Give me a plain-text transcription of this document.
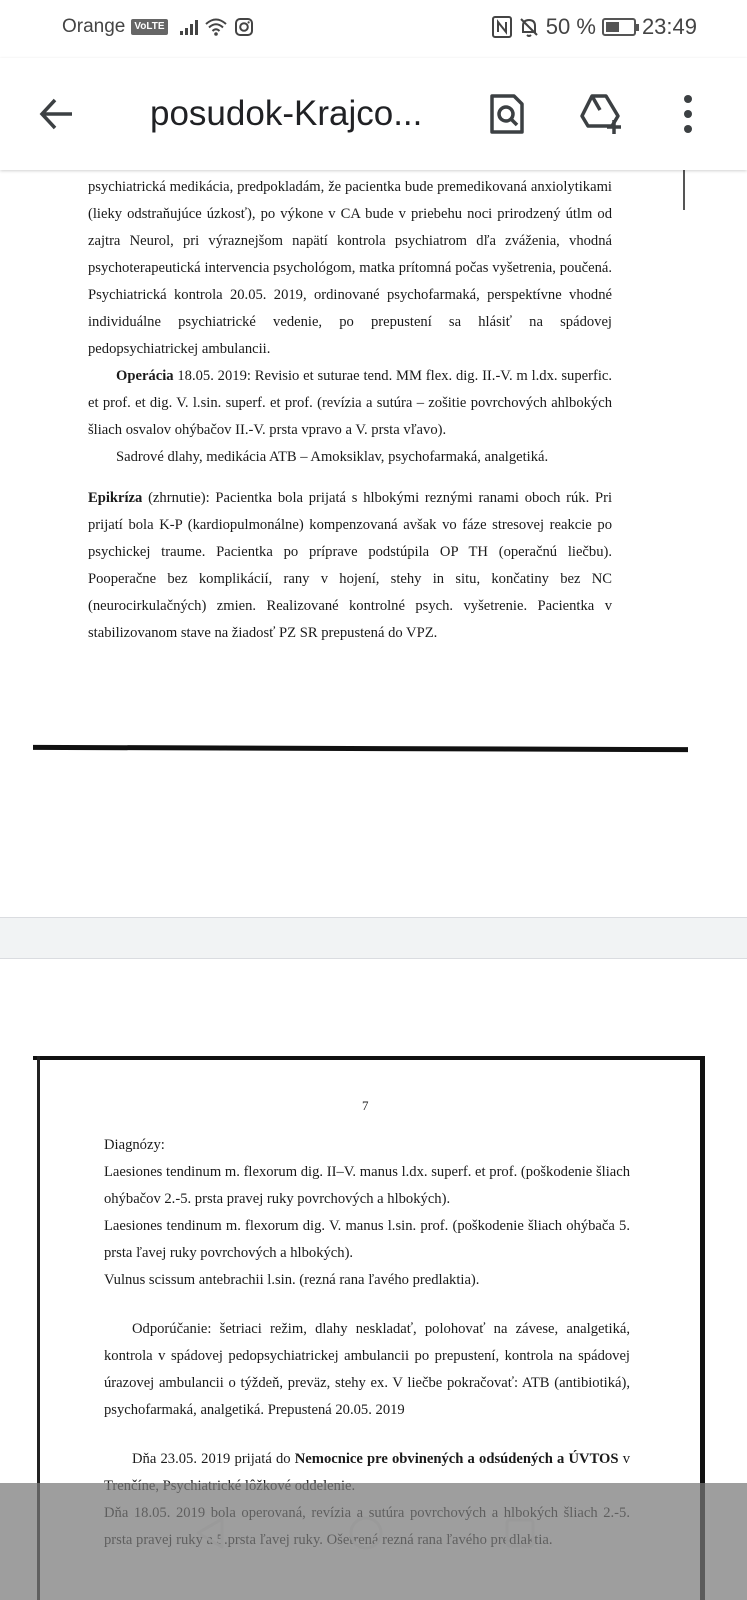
Orange VoLTE	50 % 23:49
posudok-Krajco...

psychiatrická medikácia, predpokladám, že pacientka bude premedikovaná anxiolytikami (lieky odstraňujúce úzkosť), po výkone v CA bude v priebehu noci prirodzený útlm od zajtra Neurol, pri výraznejšom napätí kontrola psychiatrom dľa zváženia, vhodná psychoterapeutická intervencia psychológom, matka prítomná počas vyšetrenia, poučená. Psychiatrická kontrola 20.05. 2019, ordinované psychofarmaká, perspektívne vhodné individuálne psychiatrické vedenie, po prepustení sa hlásiť na spádovej pedopsychiatrickej ambulancii.

Operácia 18.05. 2019: Revisio et suturae tend. MM flex. dig. II.-V. m l.dx. superfic. et prof. et dig. V. l.sin. superf. et prof. (revízia a sutúra – zošitie povrchových ahlbokých šliach osvalov ohýbačov II.-V. prsta vpravo a V. prsta vľavo).

Sadrové dlahy, medikácia ATB – Amoksiklav, psychofarmaká, analgetiká.

Epikríza (zhrnutie): Pacientka bola prijatá s hlbokými reznými ranami oboch rúk. Pri prijatí bola K-P (kardiopulmonálne) kompenzovaná avšak vo fáze stresovej reakcie po psychickej traume. Pacientka po príprave podstúpila OP TH (operačnú liečbu). Pooperačne bez komplikácií, rany v hojení, stehy in situ, končatiny bez NC (neurocirkulačných) zmien. Realizované kontrolné psych. vyšetrenie. Pacientka v stabilizovanom stave na žiadosť PZ SR prepustená do VPZ.

7

Diagnózy:

Laesiones tendinum m. flexorum dig. II–V. manus l.dx. superf. et prof. (poškodenie šliach ohýbačov 2.-5. prsta pravej ruky povrchových a hlbokých).

Laesiones tendinum m. flexorum dig. V. manus l.sin. prof. (poškodenie šliach ohýbača 5. prsta ľavej ruky povrchových a hlbokých).

Vulnus scissum antebrachii l.sin. (rezná rana ľavého predlaktia).

Odporúčanie: šetriaci režim, dlahy neskladať, polohovať na závese, analgetiká, kontrola v spádovej pedopsychiatrickej ambulancii po prepustení, kontrola na spádovej úrazovej ambulancii o týždeň, preväz, stehy ex. V liečbe pokračovať: ATB (antibiotiká), psychofarmaká, analgetiká. Prepustená 20.05. 2019

Dňa 23.05. 2019 prijatá do Nemocnice pre obvinených a odsúdených a ÚVTOS v
